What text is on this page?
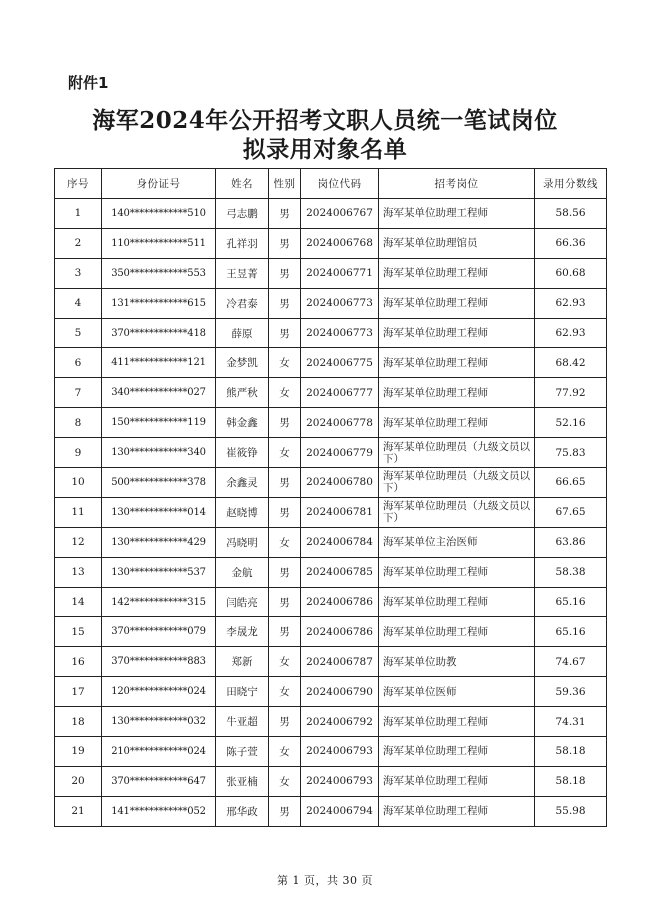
附件1
海军2024年公开招考文职人员统一笔试岗位
拟录用对象名单
序号	身份证号	姓名	性别	岗位代码	招考岗位	录用分数线
1	140************510	弓志鹏	男	2024006767	海军某单位助理工程师	58.56
2	110************511	孔祥羽	男	2024006768	海军某单位助理馆员	66.36
3	350************553	王昱菁	男	2024006771	海军某单位助理工程师	60.68
4	131************615	冷君泰	男	2024006773	海军某单位助理工程师	62.93
5	370************418	薛原	男	2024006773	海军某单位助理工程师	62.93
6	411************121	金梦凯	女	2024006775	海军某单位助理工程师	68.42
7	340************027	熊严秋	女	2024006777	海军某单位助理工程师	77.92
8	150************119	韩金鑫	男	2024006778	海军某单位助理工程师	52.16
9	130************340	崔筱铮	女	2024006779	海军某单位助理员（九级文员以下）	75.83
10	500************378	余鑫灵	男	2024006780	海军某单位助理员（九级文员以下）	66.65
11	130************014	赵晓博	男	2024006781	海军某单位助理员（九级文员以下）	67.65
12	130************429	冯晓明	女	2024006784	海军某单位主治医师	63.86
13	130************537	金航	男	2024006785	海军某单位助理工程师	58.38
14	142************315	闫皓亮	男	2024006786	海军某单位助理工程师	65.16
15	370************079	李晟龙	男	2024006786	海军某单位助理工程师	65.16
16	370************883	郑新	女	2024006787	海军某单位助教	74.67
17	120************024	田晓宁	女	2024006790	海军某单位医师	59.36
18	130************032	牛亚超	男	2024006792	海军某单位助理工程师	74.31
19	210************024	陈子萱	女	2024006793	海军某单位助理工程师	58.18
20	370************647	张亚楠	女	2024006793	海军某单位助理工程师	58.18
21	141************052	邢华政	男	2024006794	海军某单位助理工程师	55.98
第 1 页，共 30 页
